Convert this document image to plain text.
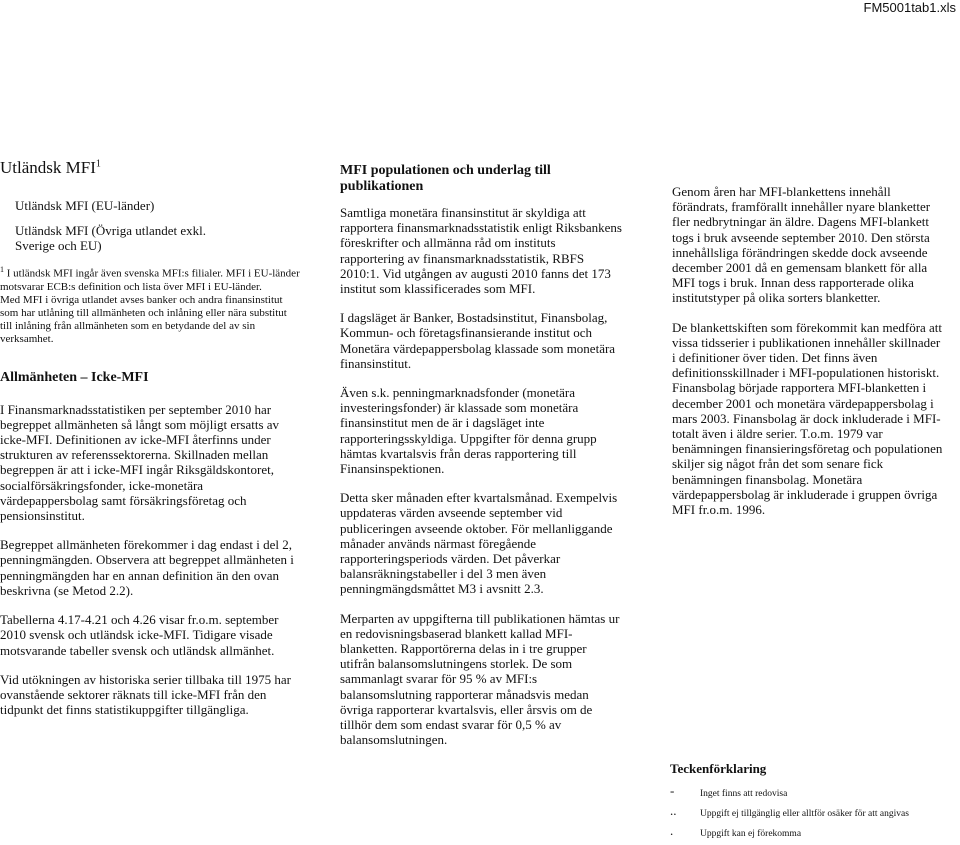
FM5001tab1.xls
Utländsk MFI$^1$
Utländsk MFI (EU-länder)
Utländsk MFI (Övriga utlandet exkl. Sverige och EU)
$^1$ I utländsk MFI ingår även svenska MFI:s filialer. MFI i EU-länder motsvarar ECB:s definition och lista över MFI i EU-länder.
Med MFI i övriga utlandet avses banker och andra finansinstitut som har utlåning till allmänheten och inlåning eller nära substitut till inlåning från allmänheten som en betydande del av sin verksamhet.
Allmänheten – Icke-MFI

I Finansmarknadsstatistiken per september 2010 har begreppet allmänheten så långt som möjligt ersatts av icke-MFI. Definitionen av icke-MFI återfinns under strukturen av referenssektorerna. Skillnaden mellan begreppen är att i icke-MFI ingår Riksgäldskontoret, socialförsäkringsfonder, icke-monetära värdepappersbolag samt försäkringsföretag och pensionsinstitut.

Begreppet allmänheten förekommer i dag endast i del 2, penningmängden. Observera att begreppet allmänheten i penningmängden har en annan definition än den ovan beskrivna (se Metod 2.2).

Tabellerna 4.17-4.21 och 4.26 visar fr.o.m. september 2010 svensk och utländsk icke-MFI. Tidigare visade motsvarande tabeller svensk och utländsk allmänhet.

Vid utökningen av historiska serier tillbaka till 1975 har ovanstående sektorer räknats till icke-MFI från den tidpunkt det finns statistikuppgifter tillgängliga.

MFI populationen och underlag till publikationen

Samtliga monetära finansinstitut är skyldiga att rapportera finansmarknadsstatistik enligt Riksbankens föreskrifter och allmänna råd om instituts rapportering av finansmarknadsstatistik, RBFS 2010:1. Vid utgången av augusti 2010 fanns det 173 institut som klassificerades som MFI.

I dagsläget är Banker, Bostadsinstitut, Finansbolag, Kommun- och företagsfinansierande institut och Monetära värdepappersbolag klassade som monetära finansinstitut.

Även s.k. penningmarknadsfonder (monetära investeringsfonder) är klassade som monetära finansinstitut men de är i dagsläget inte rapporteringsskyldiga. Uppgifter för denna grupp hämtas kvartalsvis från deras rapportering till Finansinspektionen.

Detta sker månaden efter kvartalsmånad. Exempelvis uppdateras värden avseende september vid publiceringen avseende oktober. För mellanliggande månader används närmast föregående rapporteringsperiods värden. Det påverkar balansräkningstabeller i del 3 men även penningmängdsmåttet M3 i avsnitt 2.3.

Merparten av uppgifterna till publikationen hämtas ur en redovisningsbaserad blankett kallad MFI-blanketten. Rapportörerna delas in i tre grupper utifrån balansomslutningens storlek. De som sammanlagt svarar för 95 % av MFI:s balansomslutning rapporterar månadsvis medan övriga rapporterar kvartalsvis, eller årsvis om de tillhör dem som endast svarar för 0,5 % av balansomslutningen.

Genom åren har MFI-blankettens innehåll förändrats, framförallt innehåller nyare blanketter fler nedbrytningar än äldre. Dagens MFI-blankett togs i bruk avseende september 2010. Den största innehållsliga förändringen skedde dock avseende december 2001 då en gemensam blankett för alla MFI togs i bruk. Innan dess rapporterade olika institutstyper på olika sorters blanketter.

De blankettskiften som förekommit kan medföra att vissa tidsserier i publikationen innehåller skillnader i definitioner över tiden. Det finns även definitionsskillnader i MFI-populationen historiskt. Finansbolag började rapportera MFI-blanketten i december 2001 och monetära värdepappersbolag i mars 2003. Finansbolag är dock inkluderade i MFI-totalt även i äldre serier. T.o.m. 1979 var benämningen finansieringsföretag och populationen skiljer sig något från det som senare fick benämningen finansbolag. Monetära värdepappersbolag är inkluderade i gruppen övriga MFI fr.o.m. 1996.

Teckenförklaring
-	Inget finns att redovisa
..	Uppgift ej tillgänglig eller alltför osäker för att angivas
.	Uppgift kan ej förekomma
